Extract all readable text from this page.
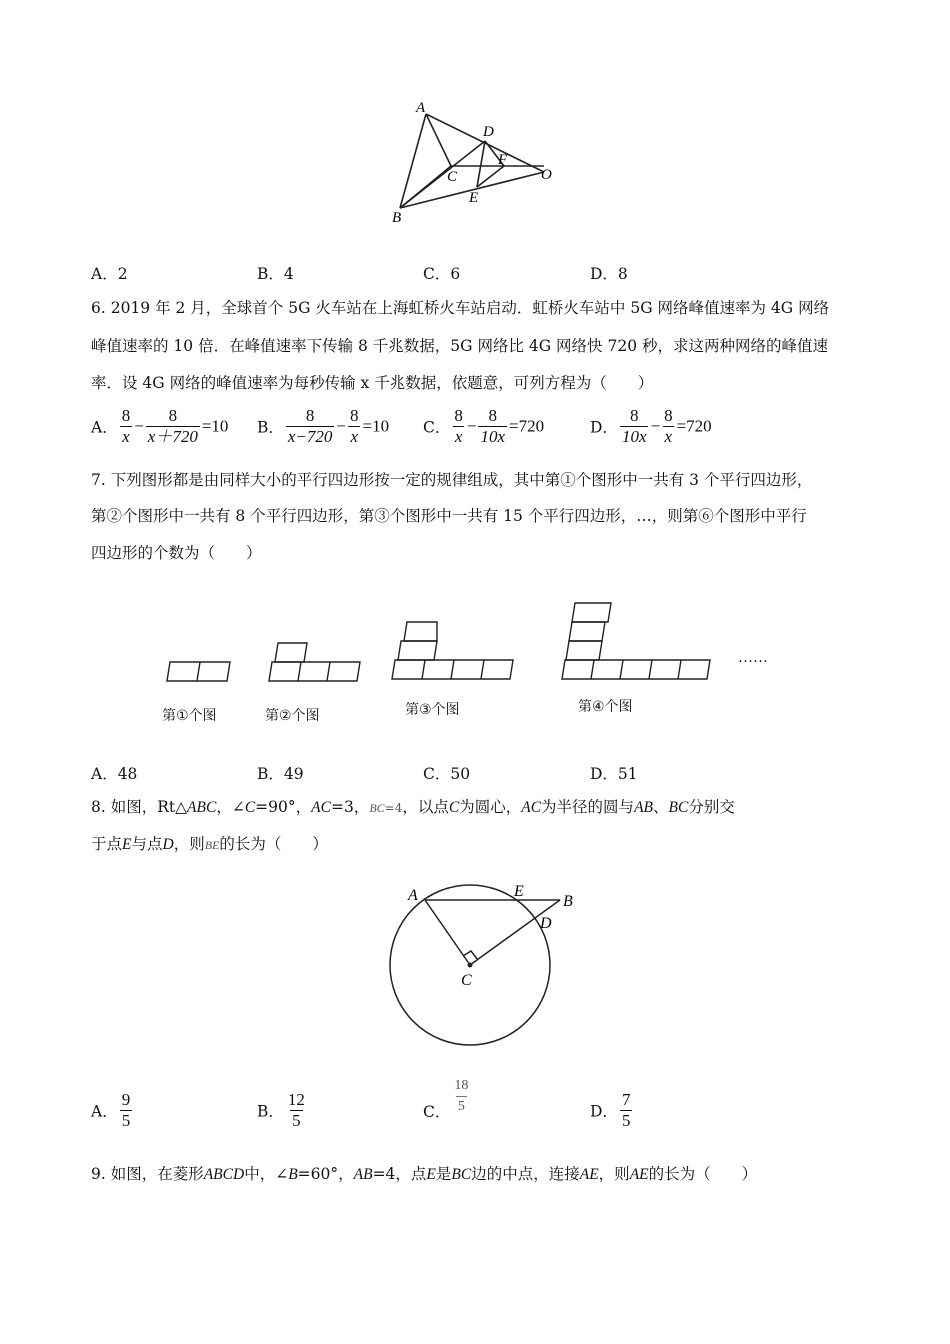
A
B
C
D
E
F
O
A．2	B．4	C．6	D．8
6. 2019 年 2 月，全球首个 5G 火车站在上海虹桥火车站启动．虹桥火车站中 5G 网络峰值速率为 4G 网络
峰值速率的 10 倍．在峰值速率下传输 8 千兆数据，5G 网络比 4G 网络快 720 秒，求这两种网络的峰值速
率．设 4G 网络的峰值速率为每秒传输 x 千兆数据，依题意，可列方程为（　　）
A． $\frac{8}{x} - \frac{8}{x+720} =10$ B． $\frac{8}{x-720} - \frac{8}{x} =10$ C． $\frac{8}{x} - \frac{8}{10x} =720$	D． $\frac{8}{10x} - \frac{8}{x} =720$
7. 下列图形都是由同样大小的平行四边形按一定的规律组成，其中第①个图形中一共有 3 个平行四边形，
第②个图形中一共有 8 个平行四边形，第③个图形中一共有 15 个平行四边形，…，则第⑥个图形中平行
四边形的个数为（　　）
……
第①个图	第②个图	第③个图	第④个图
A．48	B．49	C．50	D．51
8. 如图，Rt△ABC，∠C=90°，AC=3，BC=4，以点C为圆心，AC为半径的圆与AB、BC分别交
于点E与点D，则BE的长为（　　）
A	E
B
D
C
A． $\frac{9}{5}$	B． $\frac{12}{5}$	C． $\frac{18}{5}$	D． $\frac{7}{5}$
9. 如图，在菱形ABCD中，∠B=60°，AB=4，点E是BC边的中点，连接AE，则AE的长为（　　）
